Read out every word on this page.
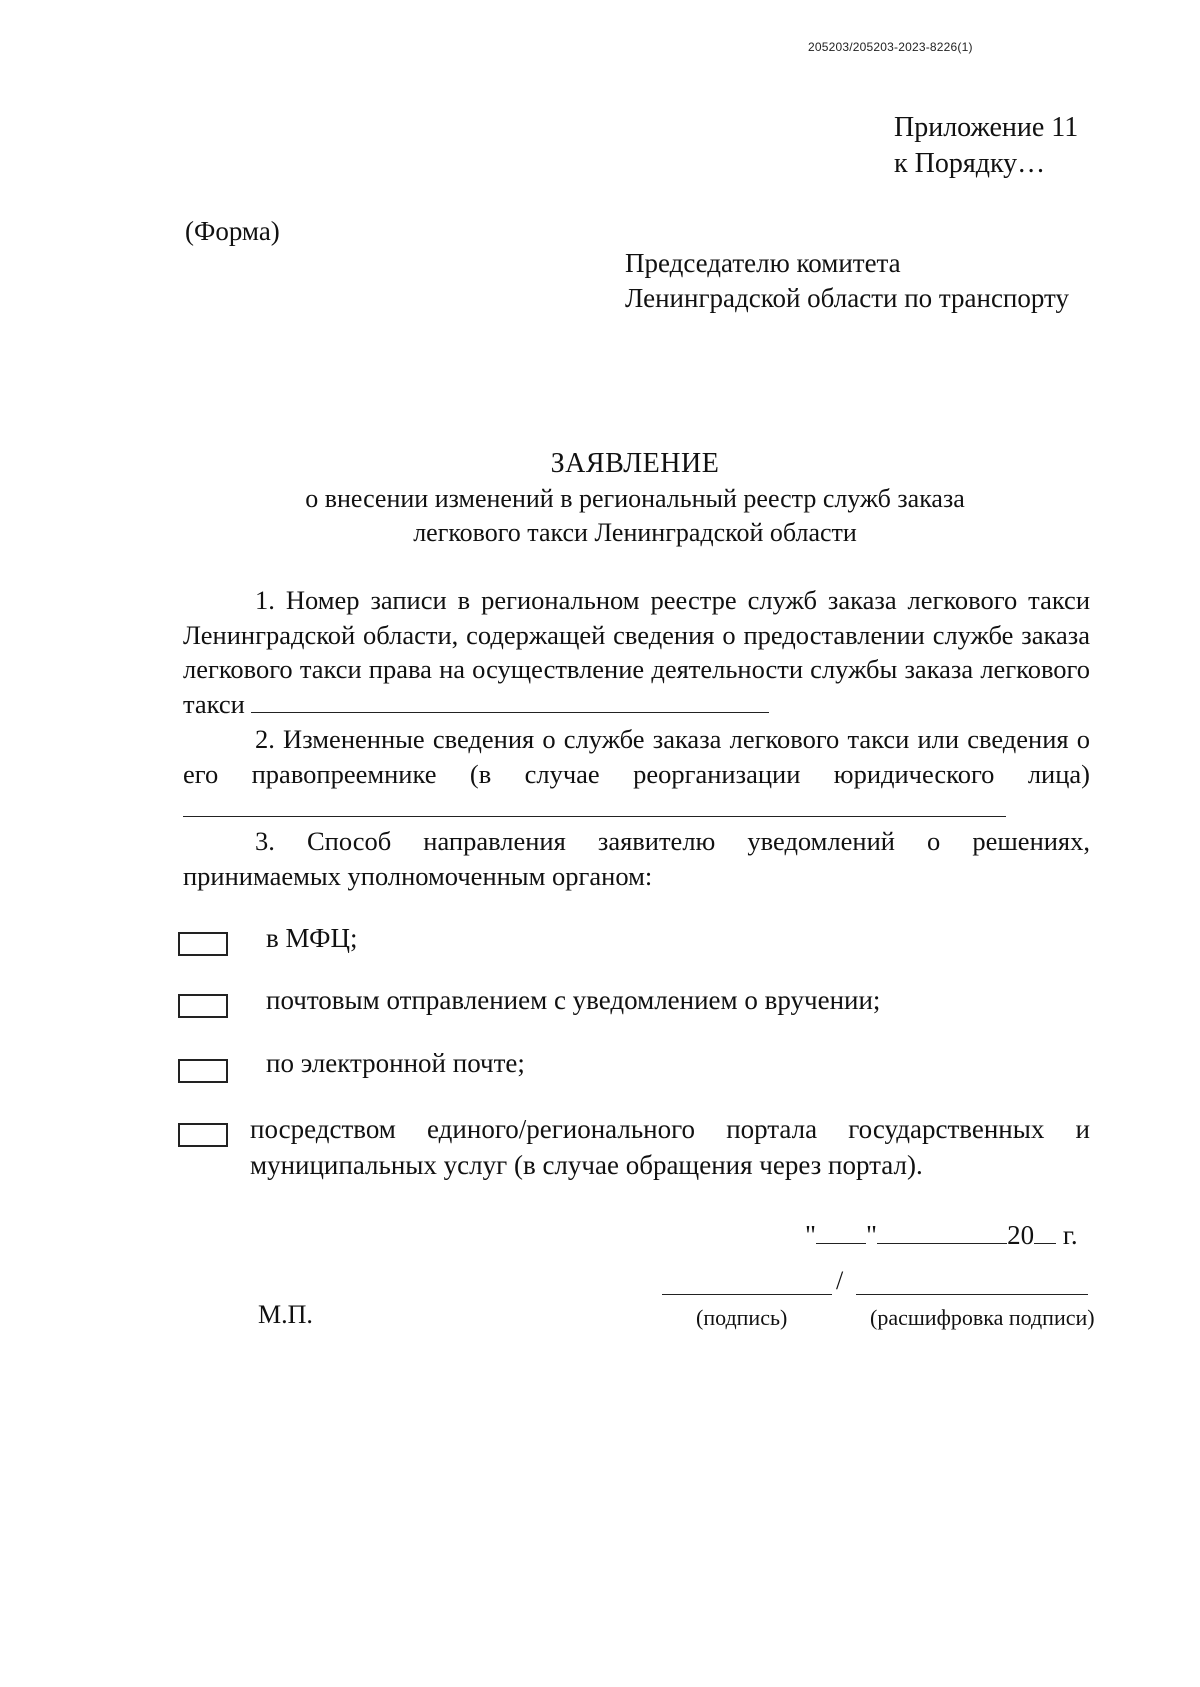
205203/205203-2023-8226(1)
Приложение 11
к Порядку…
(Форма)
Председателю комитета
Ленинградской области по транспорту
ЗАЯВЛЕНИЕ
о внесении изменений в региональный реестр служб заказа
легкового такси Ленинградской области
1. Номер записи в региональном реестре служб заказа легкового такси Ленинградской области, содержащей сведения о предоставлении службе заказа легкового такси права на осуществление деятельности службы заказа легкового такси
2. Измененные сведения о службе заказа легкового такси или сведения о его правопреемнике (в случае реорганизации юридического лица)
3. Способ направления заявителю уведомлений о решениях, принимаемых уполномоченным органом:
в МФЦ;
почтовым отправлением с уведомлением о вручении;
по электронной почте;
посредством единого/регионального портала государственных и муниципальных услуг (в случае обращения через портал).
" "	20 г.
/
М.П.	(подпись)	(расшифровка подписи)
